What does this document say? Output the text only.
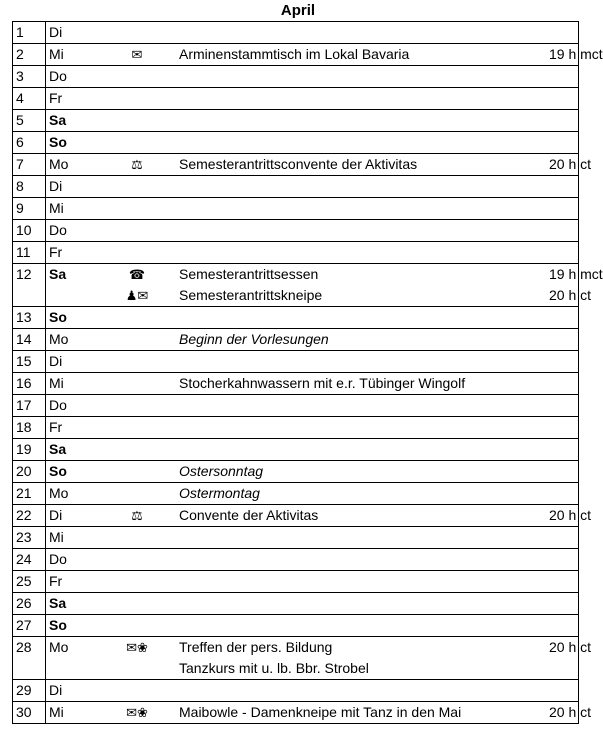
April
1	Di			
2	Mi	✉	Arminenstammtisch im Lokal Bavaria	19 h mct
3	Do			
4	Fr			
5	Sa			
6	So			
7	Mo	⚖	Semesterantrittsconvente der Aktivitas	20 h ct
8	Di			
9	Mi			
10	Do			
11	Fr			
12	Sa	☎	Semesterantrittsessen	19 h mct
		♟✉	Semesterantrittskneipe	20 h ct
13	So			
14	Mo		Beginn der Vorlesungen	
15	Di			
16	Mi		Stocherkahnwassern mit e.r. Tübinger Wingolf	
17	Do			
18	Fr			
19	Sa			
20	So		Ostersonntag	
21	Mo		Ostermontag	
22	Di	⚖	Convente der Aktivitas	20 h ct
23	Mi			
24	Do			
25	Fr			
26	Sa			
27	So			
28	Mo	✉❀	Treffen der pers. Bildung	20 h ct
			Tanzkurs mit u. lb. Bbr. Strobel	
29	Di			
30	Mi	✉❀	Maibowle - Damenkneipe mit Tanz in den Mai	20 h ct
